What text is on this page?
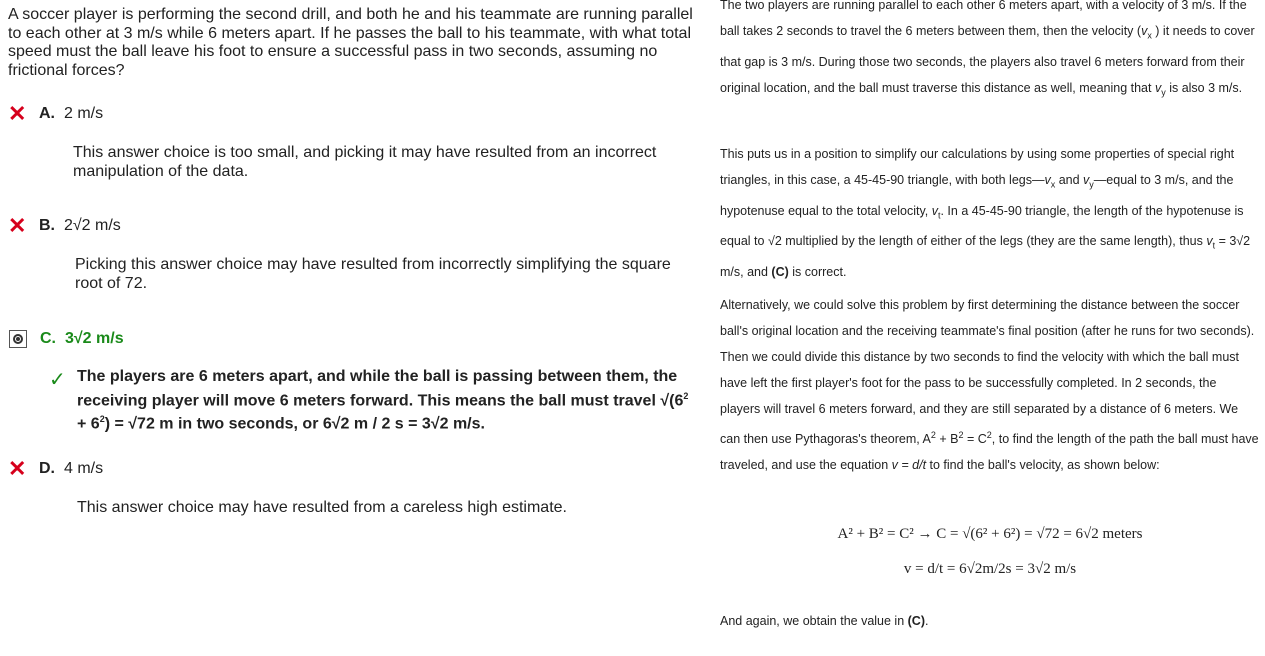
A soccer player is performing the second drill, and both he and his teammate are running parallel to each other at 3 m/s while 6 meters apart. If he passes the ball to his teammate, with what total speed must the ball leave his foot to ensure a successful pass in two seconds, assuming no frictional forces?
✕ A. 2 m/s
This answer choice is too small, and picking it may have resulted from an incorrect manipulation of the data.
✕ B. 2√2 m/s
Picking this answer choice may have resulted from incorrectly simplifying the square root of 72.
C. 3√2 m/s
✓ The players are 6 meters apart, and while the ball is passing between them, the receiving player will move 6 meters forward. This means the ball must travel $√(6^2 + 6^2) = √72$ m in two seconds, or 6√2 m / 2 s = 3√2 m/s.
✕ D. 4 m/s
This answer choice may have resulted from a careless high estimate.
The two players are running parallel to each other 6 meters apart, with a velocity of 3 m/s. If the ball takes 2 seconds to travel the 6 meters between them, then the velocity ($v_x$ ) it needs to cover that gap is 3 m/s. During those two seconds, the players also travel 6 meters forward from their original location, and the ball must traverse this distance as well, meaning that $v_y$ is also 3 m/s.
This puts us in a position to simplify our calculations by using some properties of special right triangles, in this case, a 45-45-90 triangle, with both $legs—v_x$ and $v_y—equal$ to 3 m/s, and the hypotenuse equal to the total velocity, $v_t$. In a 45-45-90 triangle, the length of the hypotenuse is equal to √2 multiplied by the length of either of the legs (they are the same length), thus $v_t = 3√2$ m/s, and (C) is correct.
Alternatively, we could solve this problem by first determining the distance between the soccer ball's original location and the receiving teammate's final position (after he runs for two seconds). Then we could divide this distance by two seconds to find the velocity with which the ball must have left the first player's foot for the pass to be successfully completed. In 2 seconds, the players will travel 6 meters forward, and they are still separated by a distance of 6 meters. We can then use Pythagoras's theorem, $A^2 + B^2 = C^2$, to find the length of the path the ball must have traveled, and use the equation v = d/t to find the ball's velocity, as shown below:
A² + B² = C² → C = √(6² + 6²) = √72 = 6√2 meters
v = d/t = 6√2m/2s = 3√2 m/s
And again, we obtain the value in (C).
